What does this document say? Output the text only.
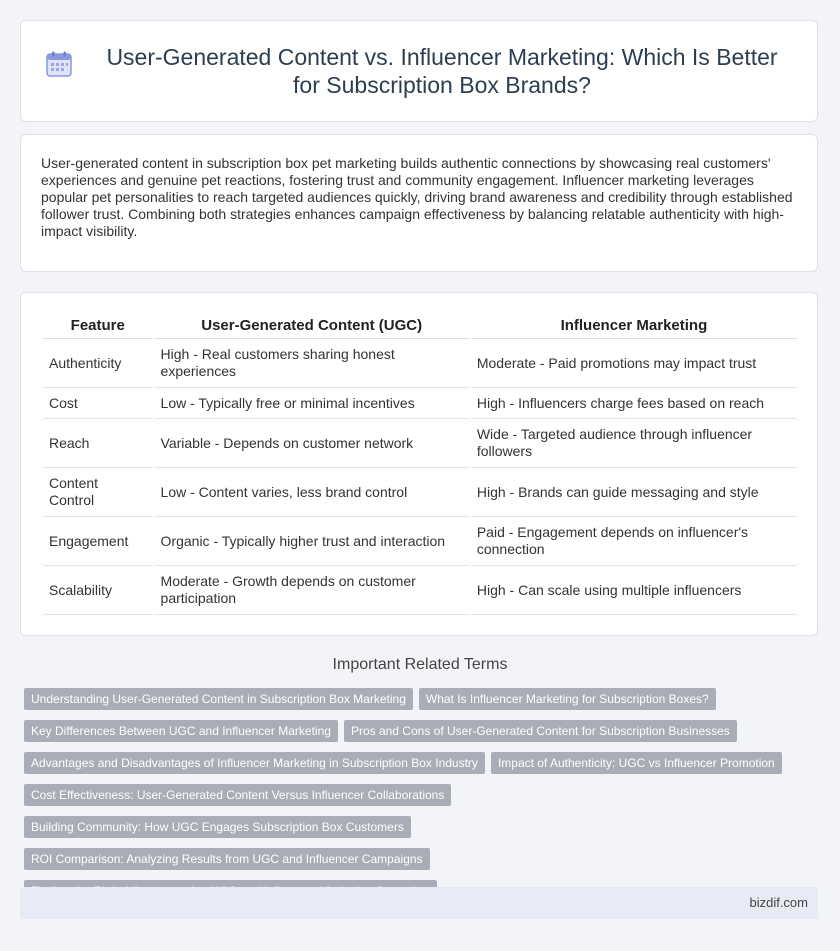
User-Generated Content vs. Influencer Marketing: Which Is Better for Subscription Box Brands?

User-generated content in subscription box pet marketing builds authentic connections by showcasing real customers' experiences and genuine pet reactions, fostering trust and community engagement. Influencer marketing leverages popular pet personalities to reach targeted audiences quickly, driving brand awareness and credibility through established follower trust. Combining both strategies enhances campaign effectiveness by balancing relatable authenticity with high-impact visibility.

Feature	User-Generated Content (UGC)	Influencer Marketing
Authenticity	High - Real customers sharing honest experiences	Moderate - Paid promotions may impact trust
Cost	Low - Typically free or minimal incentives	High - Influencers charge fees based on reach
Reach	Variable - Depends on customer network	Wide - Targeted audience through influencer followers
Content Control	Low - Content varies, less brand control	High - Brands can guide messaging and style
Engagement	Organic - Typically higher trust and interaction	Paid - Engagement depends on influencer's connection
Scalability	Moderate - Growth depends on customer participation	High - Can scale using multiple influencers
Important Related Terms
Understanding User-Generated Content in Subscription Box Marketing What Is Influencer Marketing for Subscription Boxes?
Key Differences Between UGC and Influencer Marketing Pros and Cons of User-Generated Content for Subscription Businesses
Advantages and Disadvantages of Influencer Marketing in Subscription Box Industry Impact of Authenticity: UGC vs Influencer Promotion
Cost Effectiveness: User-Generated Content Versus Influencer Collaborations
Building Community: How UGC Engages Subscription Box CustomersROI Comparison: Analyzing Results from UGC and Influencer Campaigns

bizdif.com
